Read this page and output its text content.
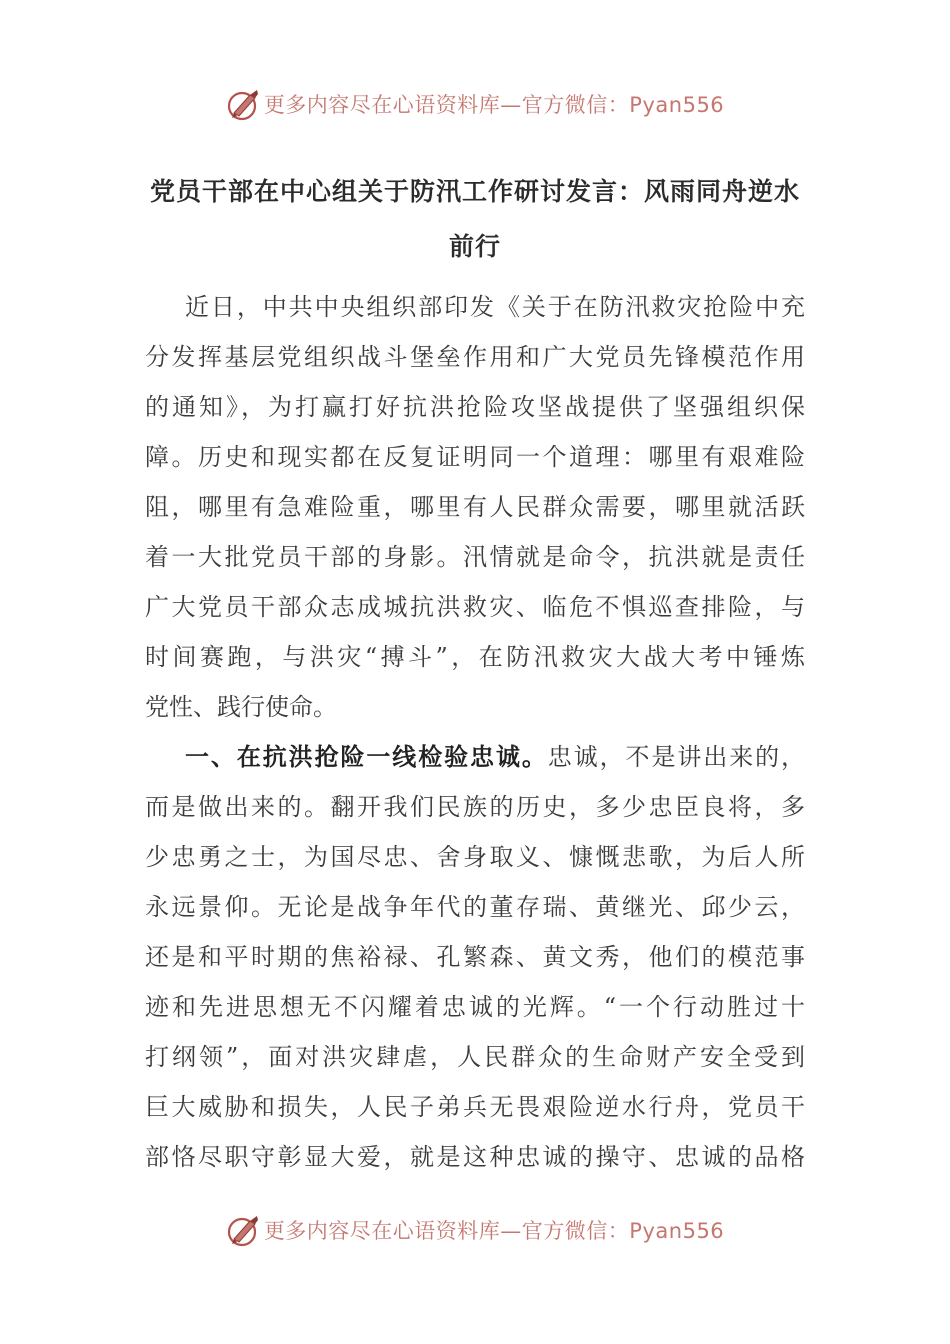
更多内容尽在心语资料库—官方微信：Pyan556
党员干部在中心组关于防汛工作研讨发言：风雨同舟逆水
前行
近日，中共中央组织部印发《关于在防汛救灾抢险中充
分发挥基层党组织战斗堡垒作用和广大党员先锋模范作用
的通知》，为打赢打好抗洪抢险攻坚战提供了坚强组织保
障。历史和现实都在反复证明同一个道理：哪里有艰难险
阻，哪里有急难险重，哪里有人民群众需要，哪里就活跃
着一大批党员干部的身影。汛情就是命令，抗洪就是责任
广大党员干部众志成城抗洪救灾、临危不惧巡查排险，与
时间赛跑，与洪灾“搏斗”，在防汛救灾大战大考中锤炼
党性、践行使命。
一、在抗洪抢险一线检验忠诚。忠诚，不是讲出来的，
而是做出来的。翻开我们民族的历史，多少忠臣良将，多
少忠勇之士，为国尽忠、舍身取义、慷慨悲歌，为后人所
永远景仰。无论是战争年代的董存瑞、黄继光、邱少云，
还是和平时期的焦裕禄、孔繁森、黄文秀，他们的模范事
迹和先进思想无不闪耀着忠诚的光辉。“一个行动胜过十
打纲领”，面对洪灾肆虐，人民群众的生命财产安全受到
巨大威胁和损失，人民子弟兵无畏艰险逆水行舟，党员干
部恪尽职守彰显大爱，就是这种忠诚的操守、忠诚的品格
更多内容尽在心语资料库—官方微信：Pyan556
